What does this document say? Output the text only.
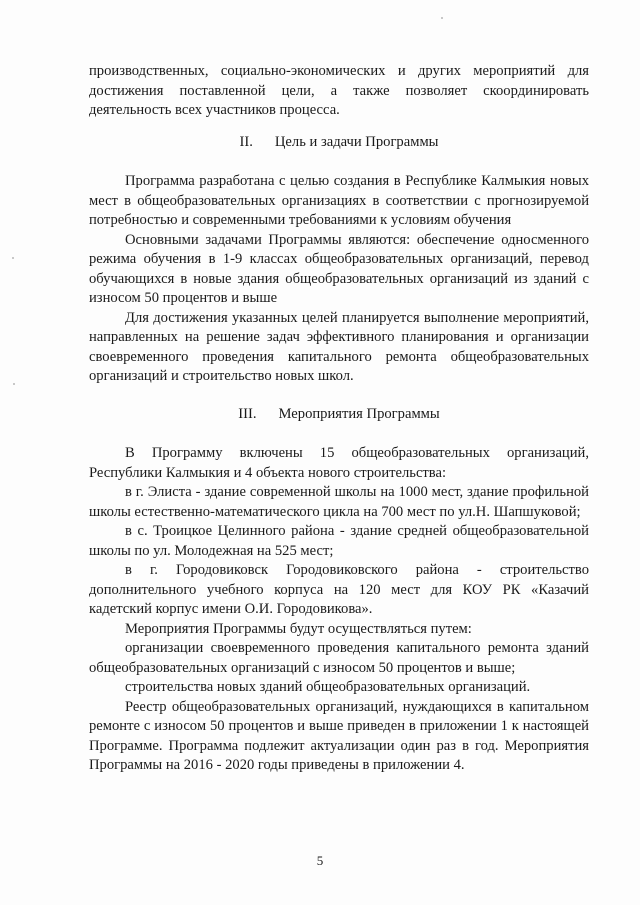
производственных, социально-экономических и других мероприятий для достижения поставленной цели, а также позволяет скоординировать деятельность всех участников процесса.

II. Цель и задачи Программы

Программа разработана с целью создания в Республике Калмыкия новых мест в общеобразовательных организациях в соответствии с прогнозируемой потребностью и современными требованиями к условиям обучения

Основными задачами Программы являются: обеспечение односменного режима обучения в 1-9 классах общеобразовательных организаций, перевод обучающихся в новые здания общеобразовательных организаций из зданий с износом 50 процентов и выше

Для достижения указанных целей планируется выполнение мероприятий, направленных на решение задач эффективного планирования и организации своевременного проведения капитального ремонта общеобразовательных организаций и строительство новых школ.

III. Мероприятия Программы

В Программу включены 15 общеобразовательных организаций, Республики Калмыкия и 4 объекта нового строительства:

в г. Элиста - здание современной школы на 1000 мест, здание профильной школы естественно-математического цикла на 700 мест по ул.Н. Шапшуковой;

в с. Троицкое Целинного района - здание средней общеобразовательной школы по ул. Молодежная на 525 мест;

в г. Городовиковск Городовиковского района - строительство дополнительного учебного корпуса на 120 мест для КОУ РК «Казачий кадетский корпус имени О.И. Городовикова».

Мероприятия Программы будут осуществляться путем:

организации своевременного проведения капитального ремонта зданий общеобразовательных организаций с износом 50 процентов и выше;

строительства новых зданий общеобразовательных организаций.

Реестр общеобразовательных организаций, нуждающихся в капитальном ремонте с износом 50 процентов и выше приведен в приложении 1 к настоящей Программе. Программа подлежит актуализации один раз в год. Мероприятия Программы на 2016 - 2020 годы приведены в приложении 4.

5
